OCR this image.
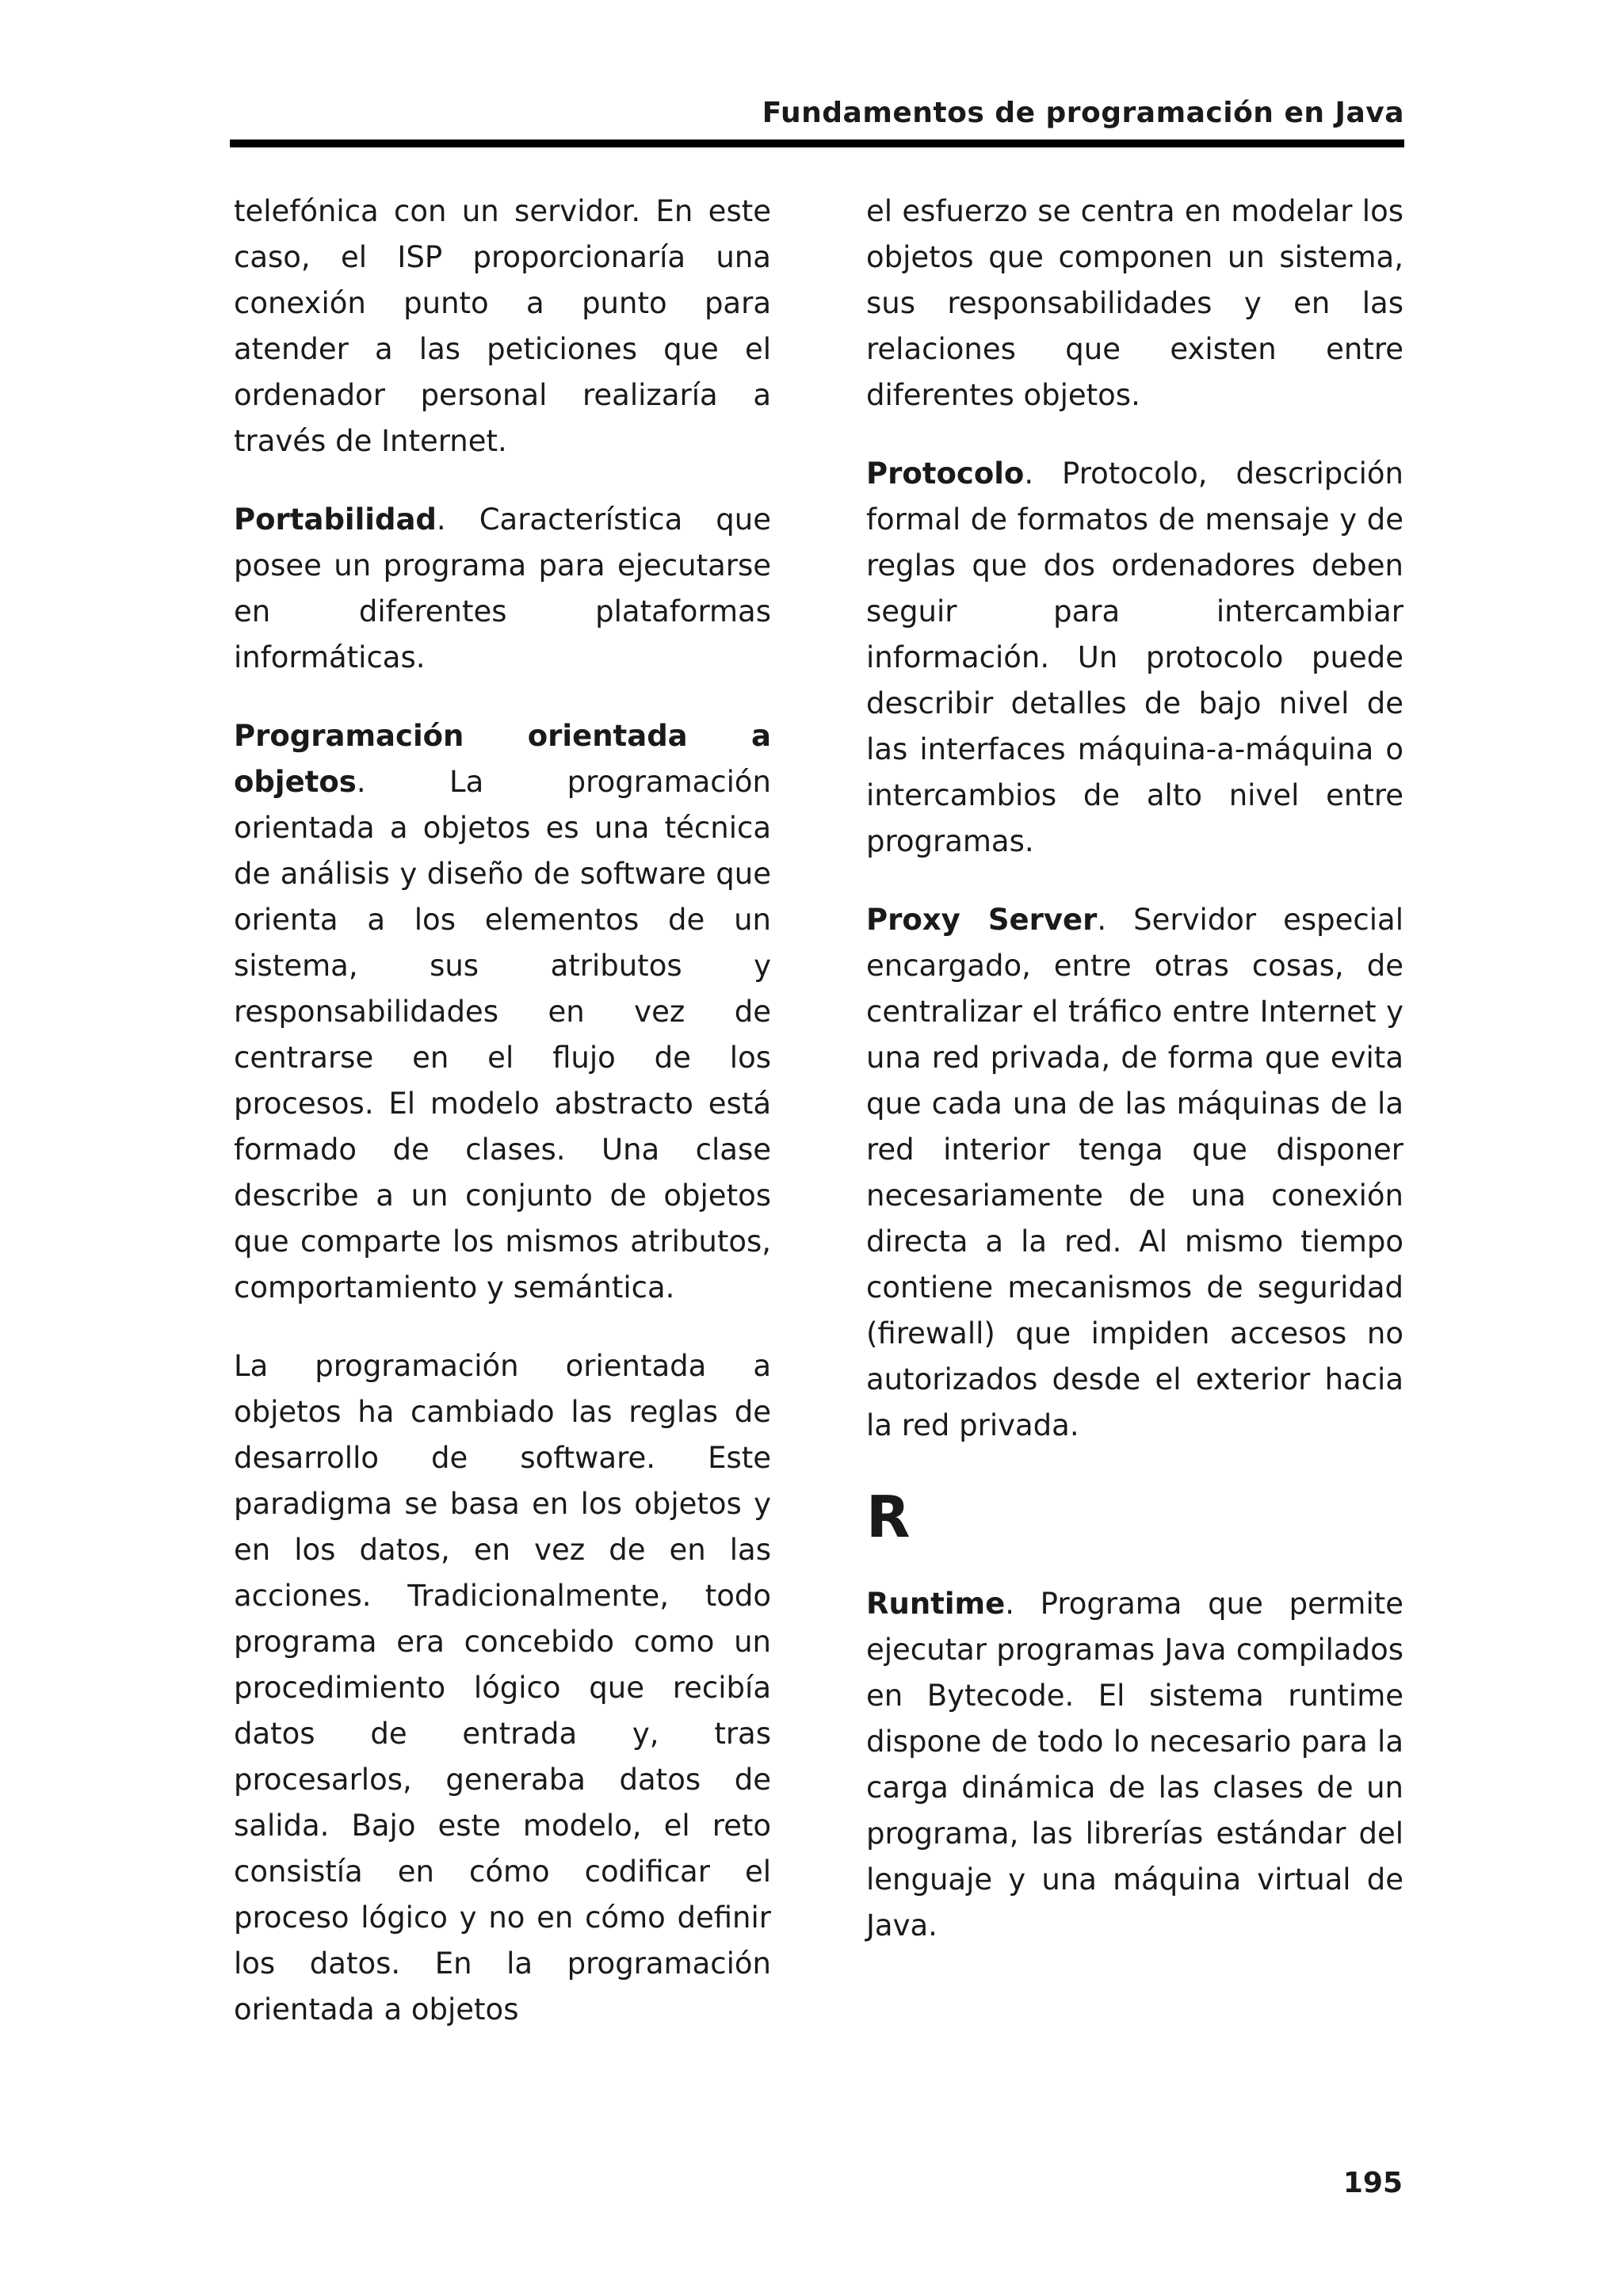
Fundamentos de programación en Java

telefónica con un servidor. En este caso, el ISP proporcionaría una conexión punto a punto para atender a las peticiones que el ordenador personal realizaría a través de Internet.

Portabilidad. Característica que posee un programa para ejecutarse en diferentes plataformas informáticas.

Programación orientada a objetos. La programación orientada a objetos es una técnica de análisis y diseño de software que orienta a los elementos de un sistema, sus atributos y responsabilidades en vez de centrarse en el flujo de los procesos. El modelo abstracto está formado de clases. Una clase describe a un conjunto de objetos que comparte los mismos atributos, comportamiento y semántica.

La programación orientada a objetos ha cambiado las reglas de desarrollo de software. Este paradigma se basa en los objetos y en los datos, en vez de en las acciones. Tradicionalmente, todo programa era concebido como un procedimiento lógico que recibía datos de entrada y, tras procesarlos, generaba datos de salida. Bajo este modelo, el reto consistía en cómo codificar el proceso lógico y no en cómo definir los datos. En la programación orientada a objetos

el esfuerzo se centra en modelar los objetos que componen un sistema, sus responsabilidades y en las relaciones que existen entre diferentes objetos.

Protocolo. Protocolo, descripción formal de formatos de mensaje y de reglas que dos ordenadores deben seguir para intercambiar información. Un protocolo puede describir detalles de bajo nivel de las interfaces máquina-a-máquina o intercambios de alto nivel entre programas.

Proxy Server. Servidor especial encargado, entre otras cosas, de centralizar el tráfico entre Internet y una red privada, de forma que evita que cada una de las máquinas de la red interior tenga que disponer necesariamente de una conexión directa a la red. Al mismo tiempo contiene mecanismos de seguridad (firewall) que impiden accesos no autorizados desde el exterior hacia la red privada.

R

Runtime. Programa que permite ejecutar programas Java compilados en Bytecode. El sistema runtime dispone de todo lo necesario para la carga dinámica de las clases de un programa, las librerías estándar del lenguaje y una máquina virtual de Java.

195
